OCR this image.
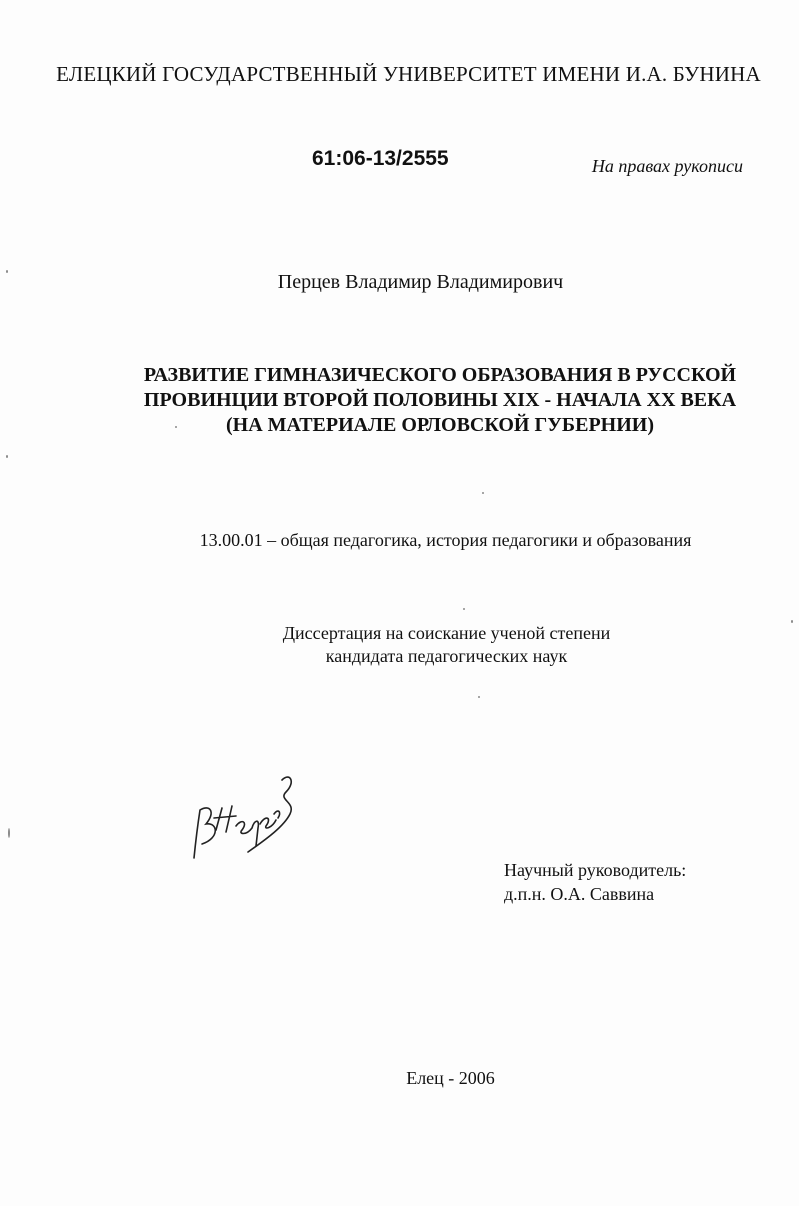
ЕЛЕЦКИЙ ГОСУДАРСТВЕННЫЙ УНИВЕРСИТЕТ ИМЕНИ И.А. БУНИНА
61:06-13/2555	На правах рукописи
Перцев Владимир Владимирович
РАЗВИТИЕ ГИМНАЗИЧЕСКОГО ОБРАЗОВАНИЯ В РУССКОЙ
ПРОВИНЦИИ ВТОРОЙ ПОЛОВИНЫ XIX - НАЧАЛА XX ВЕКА
(НА МАТЕРИАЛЕ ОРЛОВСКОЙ ГУБЕРНИИ)
13.00.01 – общая педагогика, история педагогики и образования
Диссертация на соискание ученой степени
кандидата педагогических наук
Научный руководитель:
д.п.н. О.А. Саввина
Елец - 2006
